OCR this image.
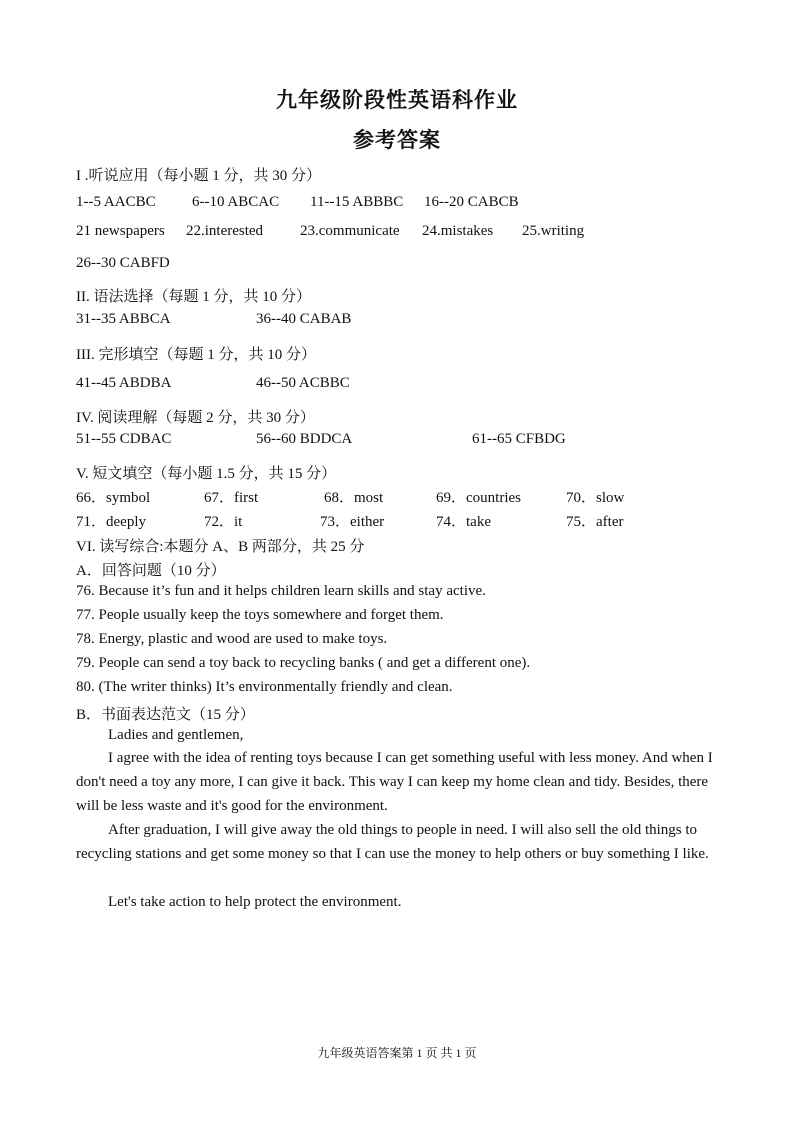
九年级阶段性英语科作业
参考答案
I .听说应用（每小题 1 分，共 30 分）
1--5 AACBC 6--10 ABCAC 11--15 ABBBC 16--20 CABCB
21 newspapers 22.interested 23.communicate 24.mistakes 25.writing
26--30 CABFD
II. 语法选择（每题 1 分，共 10 分）
31--35 ABBCA	36--40 CABAB
III. 完形填空（每题 1 分，共 10 分）
41--45 ABDBA	46--50 ACBBC
IV. 阅读理解（每题 2 分，共 30 分）
51--55 CDBAC	56--60 BDDCA	61--65 CFBDG
V. 短文填空（每小题 1.5 分，共 15 分）
66．symbol	67．first	68．most	69．countries	70．slow
71．deeply	72．it	73．either	74．take	75．after
VI. 读写综合:本题分 A、B 两部分，共 25 分
A．回答问题（10 分）
76. Because it’s fun and it helps children learn skills and stay active.
77. People usually keep the toys somewhere and forget them.
78. Energy, plastic and wood are used to make toys.
79. People can send a toy back to recycling banks ( and get a different one).
80. (The writer thinks) It’s environmentally friendly and clean.
B．书面表达范文（15 分）
Ladies and gentlemen,
I agree with the idea of renting toys because I can get something useful with less money. And when I don't need a toy any more, I can give it back. This way I can keep my home clean and tidy. Besides, there will be less waste and it's good for the environment.
After graduation, I will give away the old things to people in need. I will also sell the old things to recycling stations and get some money so that I can use the money to help others or buy something I like.
Let's take action to help protect the environment.
九年级英语答案第 1 页 共 1 页
